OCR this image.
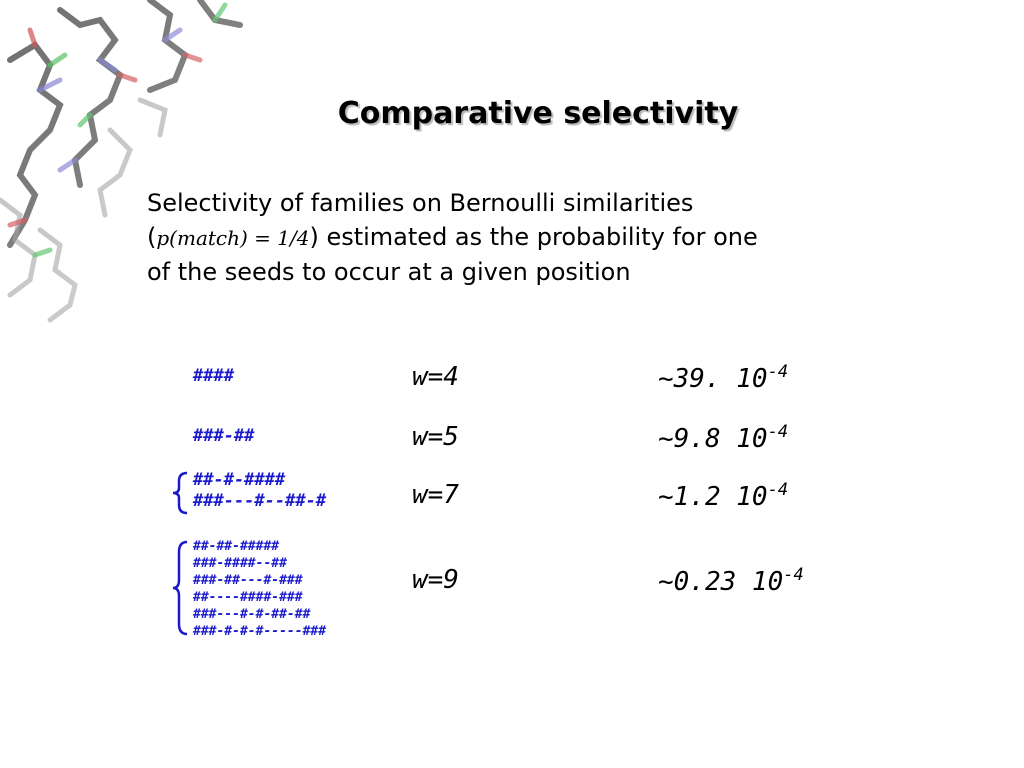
Comparative selectivity
Selectivity of families on Bernoulli similarities
(p(match) = 1/4) estimated as the probability for one
of the seeds to occur at a given position
####	w=4	~39. $10^{-4}$
###-##	w=5	~9.8 $10^{-4}$
##-#-####
###---#--##-#	w=7	~1.2 $10^{-4}$
##-##-#####
###-####--##
###-##---#-###
##----####-###
###---#-#-##-##
###-#-#-#-----###
w=9	~0.23 $10^{-4}$
